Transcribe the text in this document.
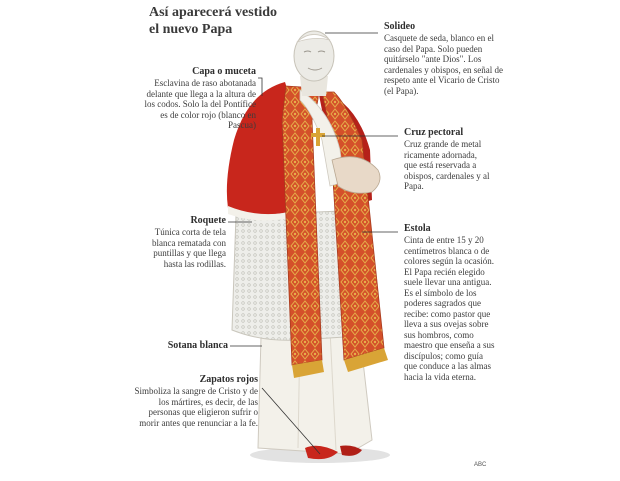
Así aparecerá vestido el nuevo Papa	Solideo
Casquete de seda, blanco en el caso del Papa. Solo pueden quitárselo "ante Dios". Los cardenales y obispos, en señal de respeto ante el Vicario de Cristo (el Papa).
Capa o muceta
Esclavina de raso abotanada delante que llega a la altura de los codos. Solo la del Pontífice es de color rojo (blanco en Pascua)
Cruz pectoral
Cruz grande de metal ricamente adornada, que está reservada a obispos, cardenales y al Papa.
Roquete
Túnica corta de tela blanca rematada con puntillas y que llega hasta las rodillas.
Estola
Cinta de entre 15 y 20 centímetros blanca o de colores según la ocasión. El Papa recién elegido suele llevar una antigua. Es el símbolo de los poderes sagrados que recibe: como pastor que lleva a sus ovejas sobre sus hombros, como maestro que enseña a sus discípulos; como guía que conduce a las almas hacia la vida eterna.
Sotana blanca
Zapatos rojos
Simboliza la sangre de Cristo y de los mártires, es decir, de las personas que eligieron sufrir o morir antes que renunciar a la fe.
ABC
